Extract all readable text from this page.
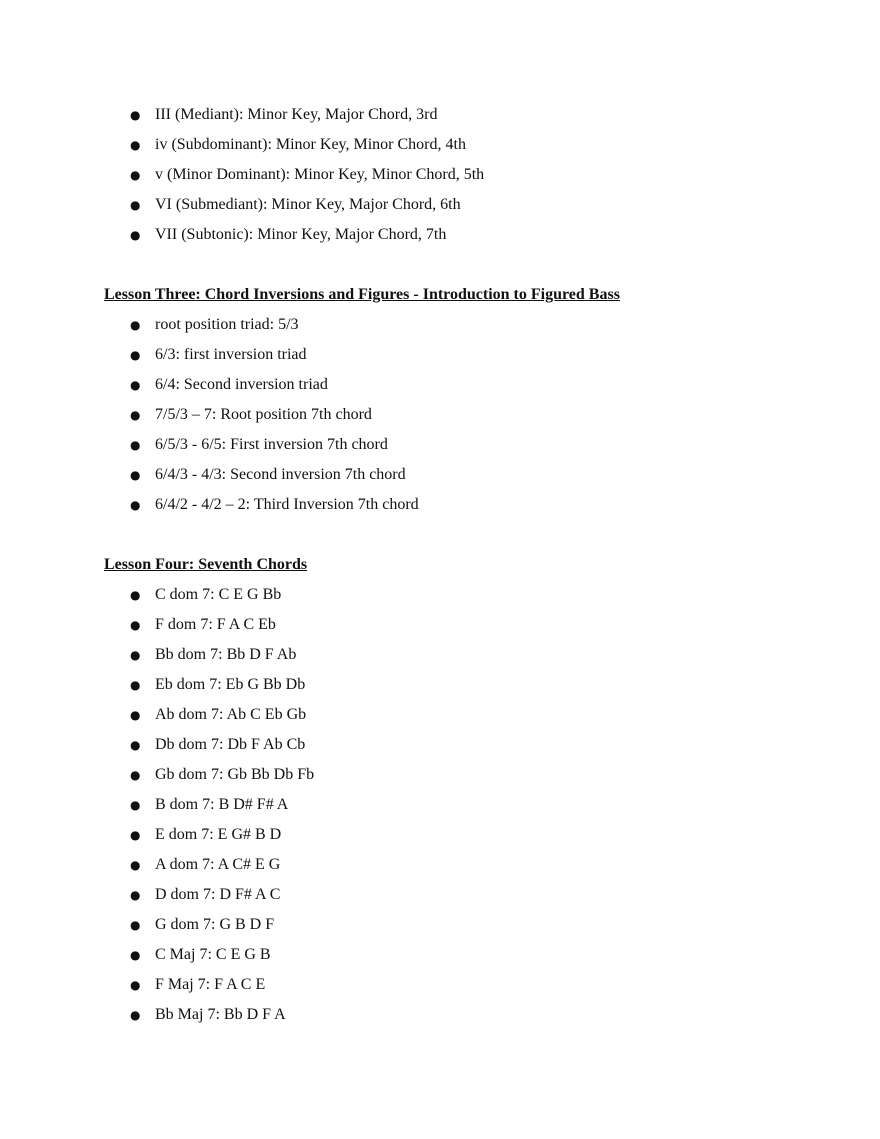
● III (Mediant): Minor Key, Major Chord, 3rd
● iv (Subdominant): Minor Key, Minor Chord, 4th
● v (Minor Dominant): Minor Key, Minor Chord, 5th
● VI (Submediant): Minor Key, Major Chord, 6th
● VII (Subtonic): Minor Key, Major Chord, 7th
Lesson Three: Chord Inversions and Figures - Introduction to Figured Bass
● root position triad: 5/3
● 6/3: first inversion triad
● 6/4: Second inversion triad
● 7/5/3 – 7: Root position 7th chord
● 6/5/3 - 6/5: First inversion 7th chord
● 6/4/3 - 4/3: Second inversion 7th chord
● 6/4/2 - 4/2 – 2: Third Inversion 7th chord
Lesson Four: Seventh Chords
● C dom 7: C E G Bb
● F dom 7: F A C Eb
● Bb dom 7: Bb D F Ab
● Eb dom 7: Eb G Bb Db
● Ab dom 7: Ab C Eb Gb
● Db dom 7: Db F Ab Cb
● Gb dom 7: Gb Bb Db Fb
● B dom 7: B D# F# A
● E dom 7: E G# B D
● A dom 7: A C# E G
● D dom 7: D F# A C
● G dom 7: G B D F
● C Maj 7: C E G B
● F Maj 7: F A C E
● Bb Maj 7: Bb D F A
